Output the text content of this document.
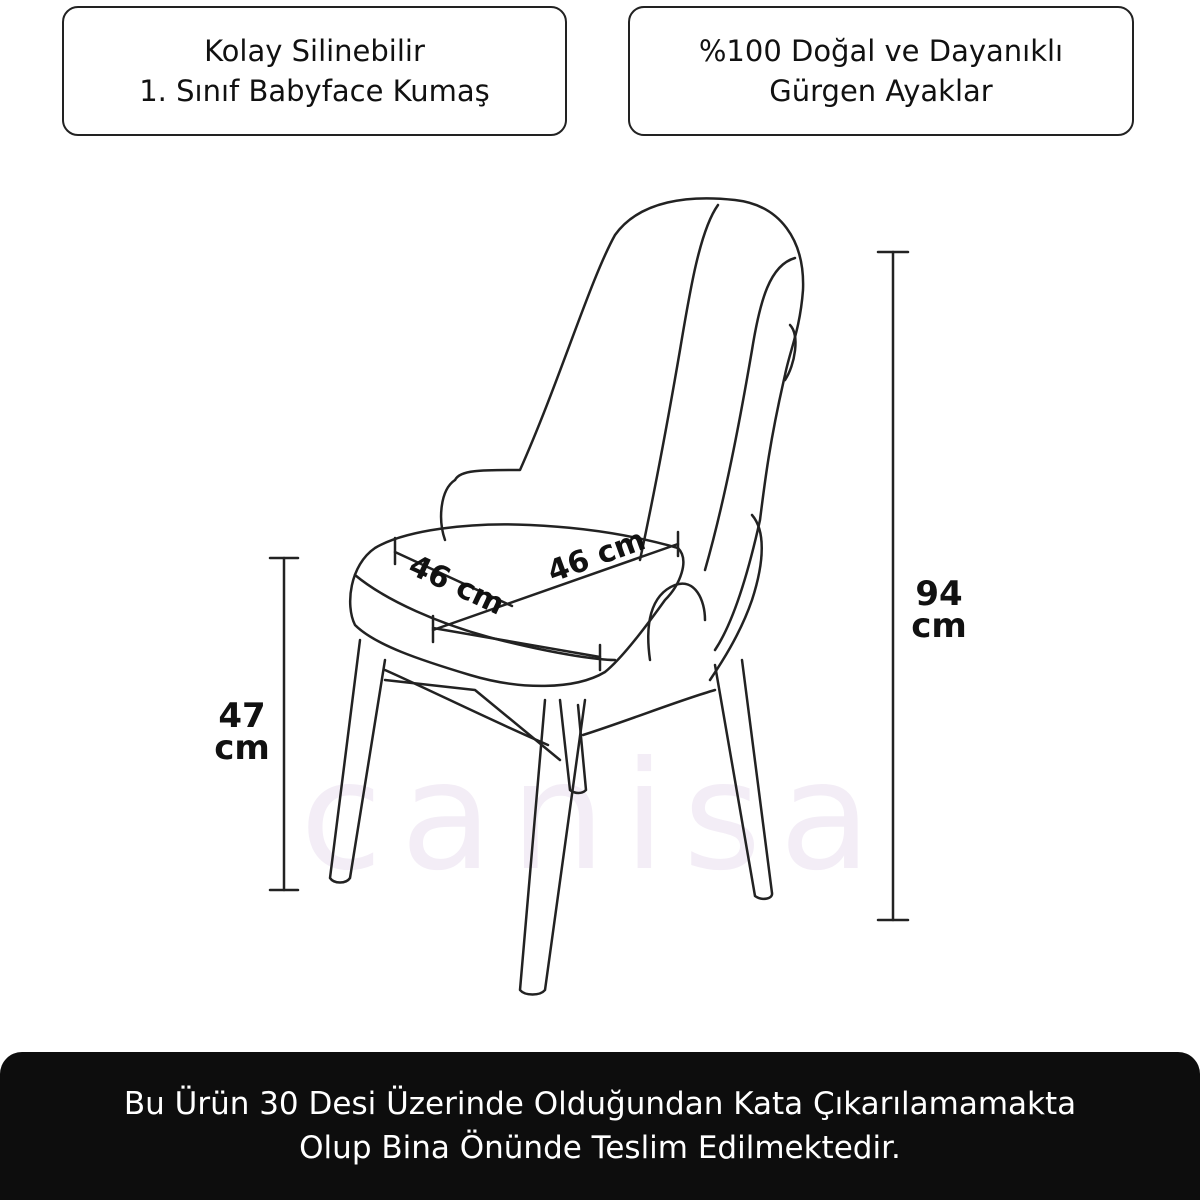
canisa
Kolay Silinebilir
1. Sınıf Babyface Kumaş
%100 Doğal ve Dayanıklı
Gürgen Ayaklar
47
cm
94
cm
46 cm 46 cm
Bu Ürün 30 Desi Üzerinde Olduğundan Kata Çıkarılamamakta
Olup Bina Önünde Teslim Edilmektedir.
